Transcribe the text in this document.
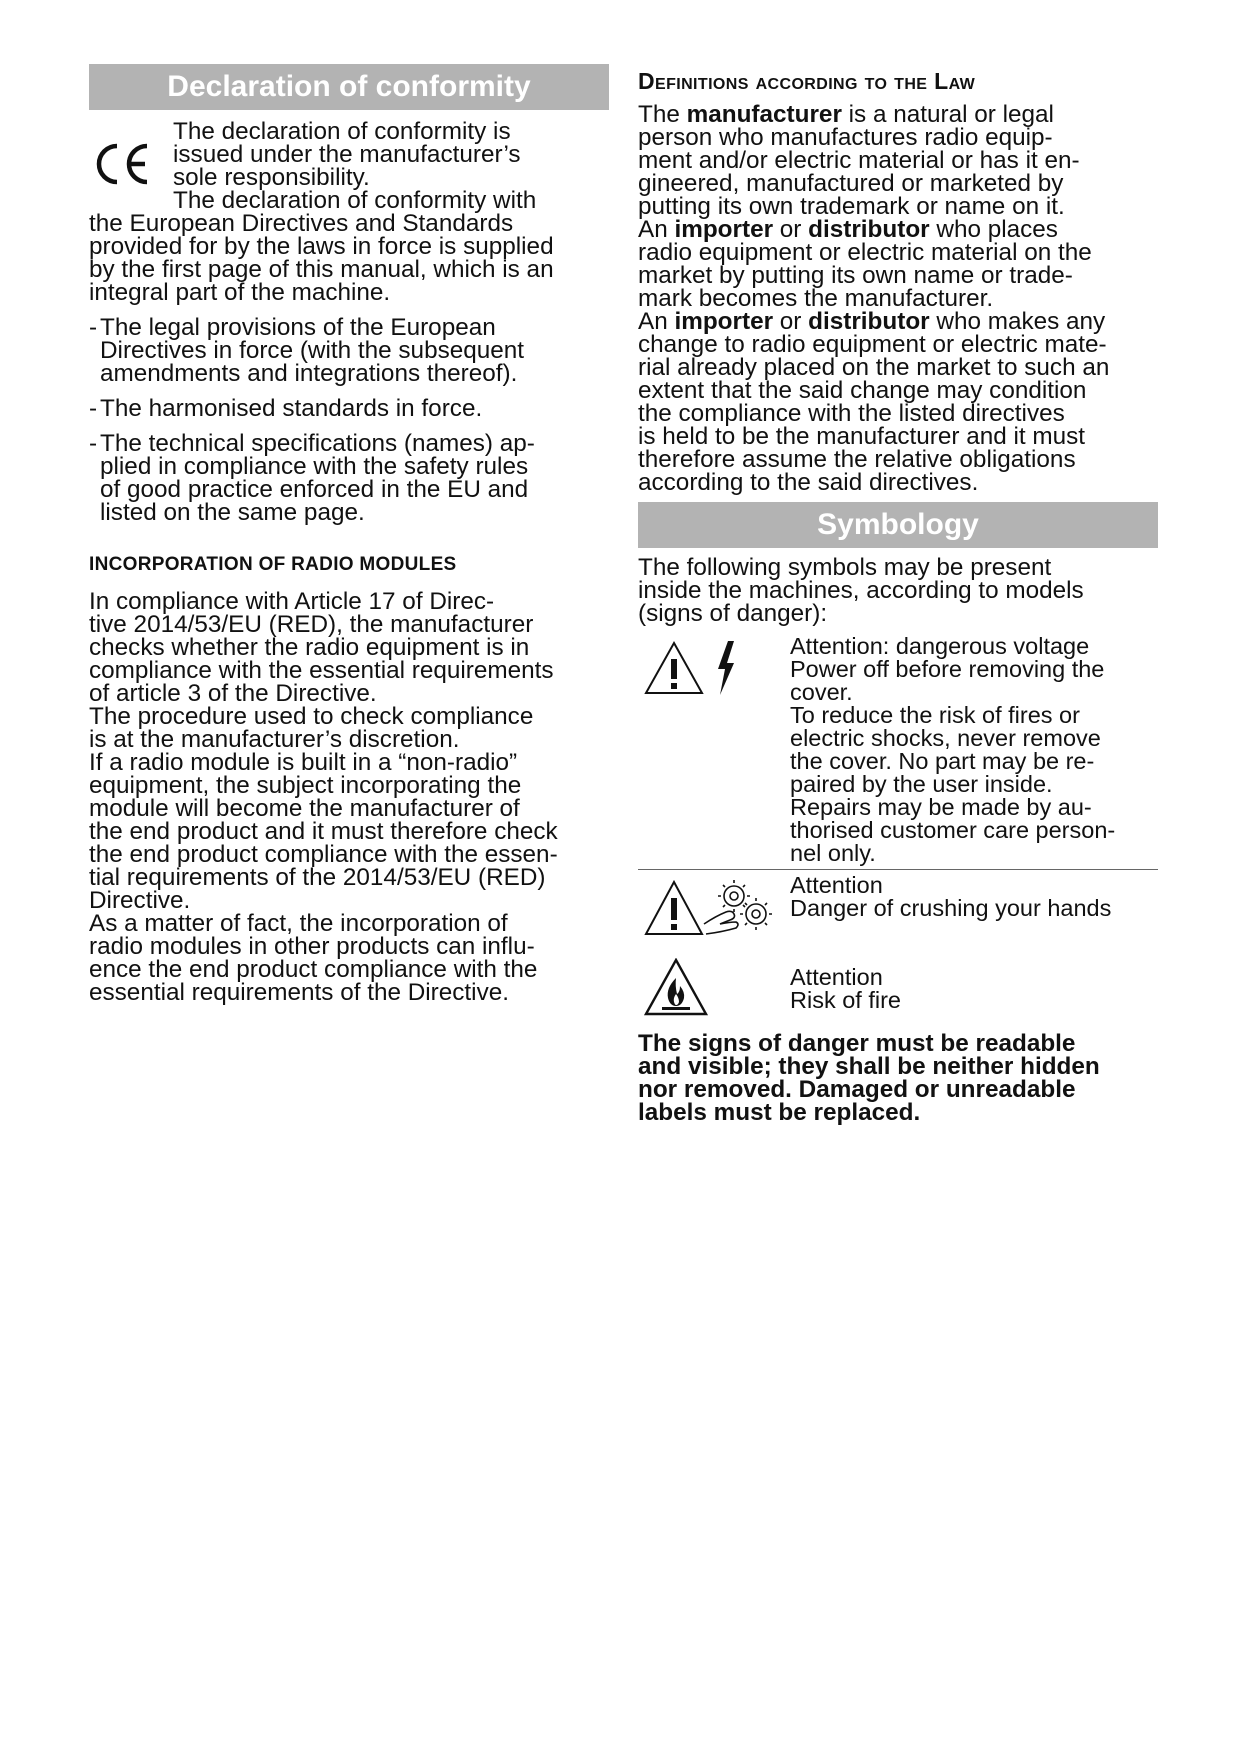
Declaration of conformity

The declaration of conformity is

issued under the manufacturer’s

sole responsibility.

The declaration of conformity with

the European Directives and Standards

provided for by the laws in force is supplied

by the first page of this manual, which is an

integral part of the machine.

- The legal provisions of the European
Directives in force (with the subsequent
amendments and integrations thereof).
- The harmonised standards in force.
- The technical specifications (names) ap-
plied in compliance with the safety rules
of good practice enforced in the EU and
listed on the same page.
INCORPORATION OF RADIO MODULES

In compliance with Article 17 of Direc-

tive 2014/53/EU (RED), the manufacturer

checks whether the radio equipment is in

compliance with the essential requirements

of article 3 of the Directive.

The procedure used to check compliance

is at the manufacturer’s discretion.

If a radio module is built in a “non-radio”

equipment, the subject incorporating the

module will become the manufacturer of

the end product and it must therefore check

the end product compliance with the essen-

tial requirements of the 2014/53/EU (RED)

Directive.

As a matter of fact, the incorporation of

radio modules in other products can influ-

ence the end product compliance with the

essential requirements of the Directive.

Definitions according to the Law

The manufacturer is a natural or legal

person who manufactures radio equip-

ment and/or electric material or has it en-

gineered, manufactured or marketed by

putting its own trademark or name on it.

An importer or distributor who places

radio equipment or electric material on the

market by putting its own name or trade-

mark becomes the manufacturer.

An importer or distributor who makes any

change to radio equipment or electric mate-

rial already placed on the market to such an

extent that the said change may condition

the compliance with the listed directives

is held to be the manufacturer and it must

therefore assume the relative obligations

according to the said directives.

Symbology

The following symbols may be present

inside the machines, according to models

(signs of danger):

Attention: dangerous voltage
Power off before removing the
cover.
To reduce the risk of fires or
electric shocks, never remove
the cover. No part may be re-
paired by the user inside.
Repairs may be made by au-
thorised customer care person-
nel only.
Attention
Danger of crushing your hands
Attention
Risk of fire

The signs of danger must be readable

and visible; they shall be neither hidden

nor removed. Damaged or unreadable

labels must be replaced.
